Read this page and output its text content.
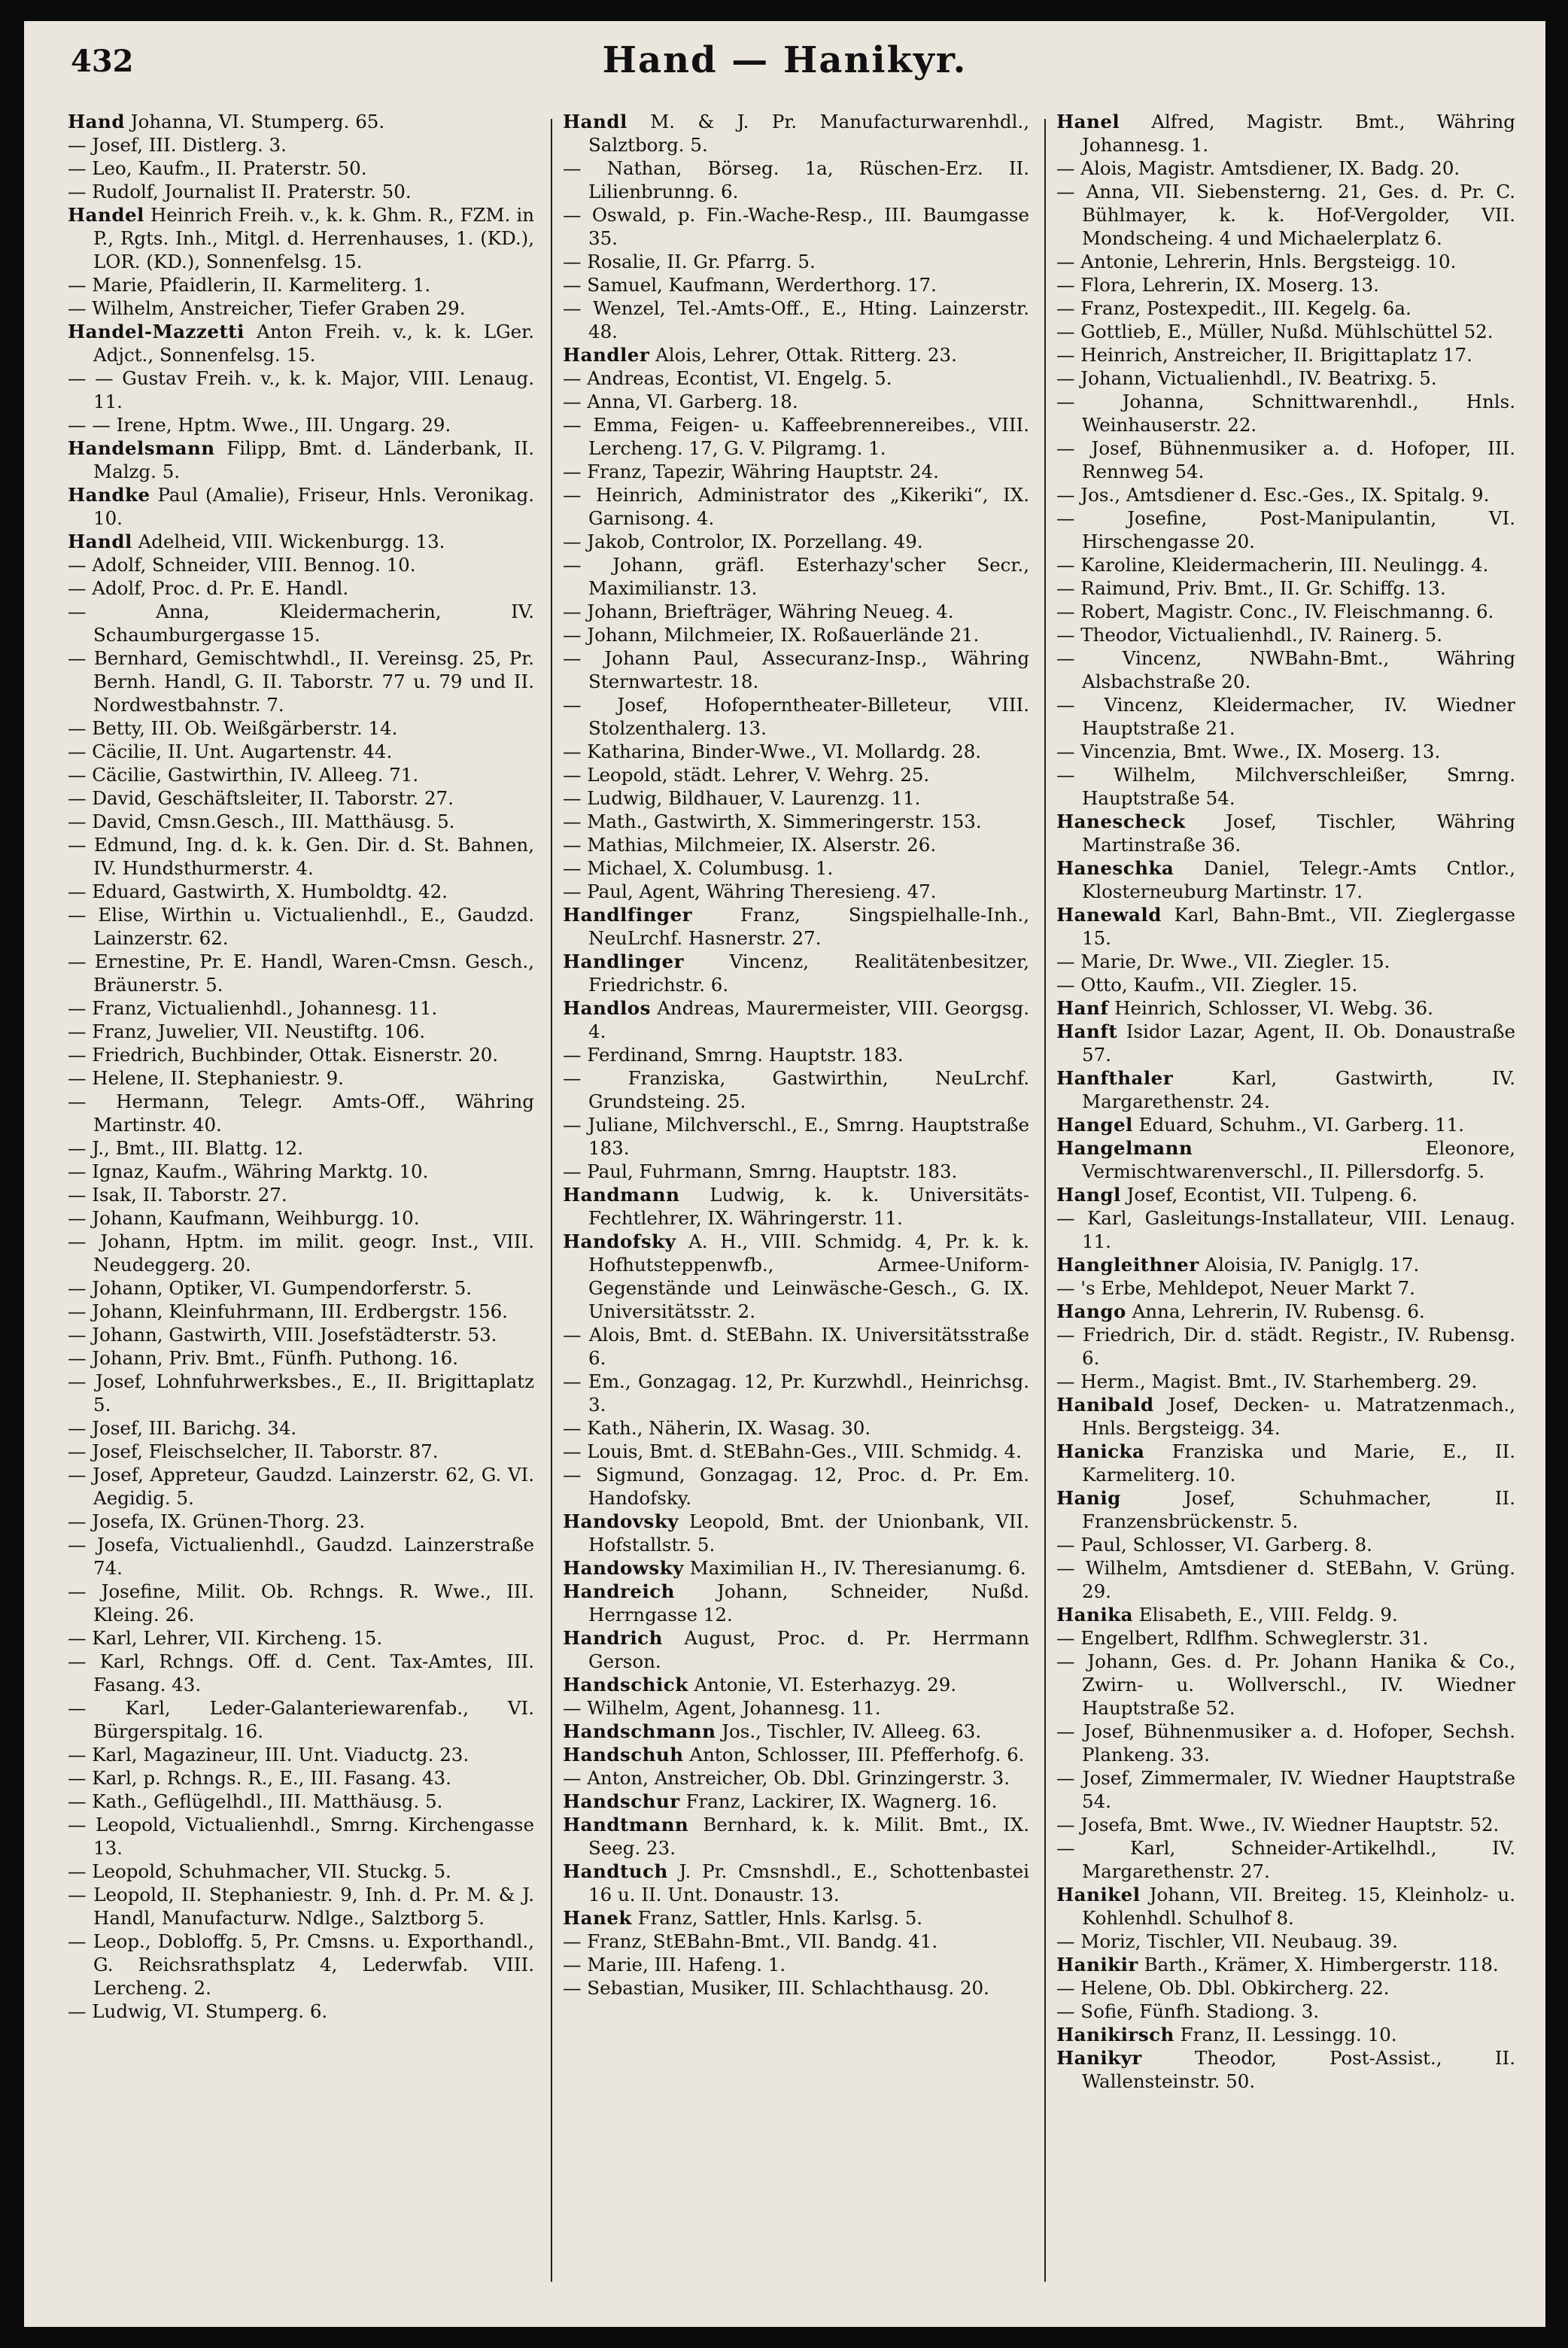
432	Hand — Hanikyr.

Hand Johanna, VI. Stumperg. 65.

— Josef, III. Distlerg. 3.

— Leo, Kaufm., II. Praterstr. 50.

— Rudolf, Journalist II. Praterstr. 50.

Handel Heinrich Freih. v., k. k. Ghm. R., FZM. in P., Rgts. Inh., Mitgl. d. Herrenhauses, 1. (KD.), LOR. (KD.), Sonnenfelsg. 15.

— Marie, Pfaidlerin, II. Karmeliterg. 1.

— Wilhelm, Anstreicher, Tiefer Graben 29.

Handel-Mazzetti Anton Freih. v., k. k. LGer. Adjct., Sonnenfelsg. 15.

— — Gustav Freih. v., k. k. Major, VIII. Lenaug. 11.

— — Irene, Hptm. Wwe., III. Ungarg. 29.

Handelsmann Filipp, Bmt. d. Länderbank, II. Malzg. 5.

Handke Paul (Amalie), Friseur, Hnls. Veronikag. 10.

Handl Adelheid, VIII. Wickenburgg. 13.

— Adolf, Schneider, VIII. Bennog. 10.

— Adolf, Proc. d. Pr. E. Handl.

— Anna, Kleidermacherin, IV. Schaumburgergasse 15.

— Bernhard, Gemischtwhdl., II. Vereinsg. 25, Pr. Bernh. Handl, G. II. Taborstr. 77 u. 79 und II. Nordwestbahnstr. 7.

— Betty, III. Ob. Weißgärberstr. 14.

— Cäcilie, II. Unt. Augartenstr. 44.

— Cäcilie, Gastwirthin, IV. Alleeg. 71.

— David, Geschäftsleiter, II. Taborstr. 27.

— David, Cmsn.Gesch., III. Matthäusg. 5.

— Edmund, Ing. d. k. k. Gen. Dir. d. St. Bahnen, IV. Hundsthurmerstr. 4.

— Eduard, Gastwirth, X. Humboldtg. 42.

— Elise, Wirthin u. Victualienhdl., E., Gaudzd. Lainzerstr. 62.

— Ernestine, Pr. E. Handl, Waren-Cmsn. Gesch., Bräunerstr. 5.

— Franz, Victualienhdl., Johannesg. 11.

— Franz, Juwelier, VII. Neustiftg. 106.

— Friedrich, Buchbinder, Ottak. Eisnerstr. 20.

— Helene, II. Stephaniestr. 9.

— Hermann, Telegr. Amts-Off., Währing Martinstr. 40.

— J., Bmt., III. Blattg. 12.

— Ignaz, Kaufm., Währing Marktg. 10.

— Isak, II. Taborstr. 27.

— Johann, Kaufmann, Weihburgg. 10.

— Johann, Hptm. im milit. geogr. Inst., VIII. Neudeggerg. 20.

— Johann, Optiker, VI. Gumpendorferstr. 5.

— Johann, Kleinfuhrmann, III. Erdbergstr. 156.

— Johann, Gastwirth, VIII. Josefstädterstr. 53.

— Johann, Priv. Bmt., Fünfh. Puthong. 16.

— Josef, Lohnfuhrwerksbes., E., II. Brigittaplatz 5.

— Josef, III. Barichg. 34.

— Josef, Fleischselcher, II. Taborstr. 87.

— Josef, Appreteur, Gaudzd. Lainzerstr. 62, G. VI. Aegidig. 5.

— Josefa, IX. Grünen-Thorg. 23.

— Josefa, Victualienhdl., Gaudzd. Lainzerstraße 74.

— Josefine, Milit. Ob. Rchngs. R. Wwe., III. Kleing. 26.

— Karl, Lehrer, VII. Kircheng. 15.

— Karl, Rchngs. Off. d. Cent. Tax-Amtes, III. Fasang. 43.

— Karl, Leder-Galanteriewarenfab., VI. Bürgerspitalg. 16.

— Karl, Magazineur, III. Unt. Viaductg. 23.

— Karl, p. Rchngs. R., E., III. Fasang. 43.

— Kath., Geflügelhdl., III. Matthäusg. 5.

— Leopold, Victualienhdl., Smrng. Kirchengasse 13.

— Leopold, Schuhmacher, VII. Stuckg. 5.

— Leopold, II. Stephaniestr. 9, Inh. d. Pr. M. & J. Handl, Manufacturw. Ndlge., Salztborg 5.

— Leop., Dobloffg. 5, Pr. Cmsns. u. Exporthandl., G. Reichsrathsplatz 4, Lederwfab. VIII. Lercheng. 2.

— Ludwig, VI. Stumperg. 6.

Handl M. & J. Pr. Manufacturwarenhdl., Salztborg. 5.

— Nathan, Börseg. 1a, Rüschen-Erz. II. Lilienbrunng. 6.

— Oswald, p. Fin.-Wache-Resp., III. Baumgasse 35.

— Rosalie, II. Gr. Pfarrg. 5.

— Samuel, Kaufmann, Werderthorg. 17.

— Wenzel, Tel.-Amts-Off., E., Hting. Lainzerstr. 48.

Handler Alois, Lehrer, Ottak. Ritterg. 23.

— Andreas, Econtist, VI. Engelg. 5.

— Anna, VI. Garberg. 18.

— Emma, Feigen- u. Kaffeebrennereibes., VIII. Lercheng. 17, G. V. Pilgramg. 1.

— Franz, Tapezir, Währing Hauptstr. 24.

— Heinrich, Administrator des „Kikeriki“, IX. Garnisong. 4.

— Jakob, Controlor, IX. Porzellang. 49.

— Johann, gräfl. Esterhazy'scher Secr., Maximilianstr. 13.

— Johann, Briefträger, Währing Neueg. 4.

— Johann, Milchmeier, IX. Roßauerlände 21.

— Johann Paul, Assecuranz-Insp., Währing Sternwartestr. 18.

— Josef, Hofoperntheater-Billeteur, VIII. Stolzenthalerg. 13.

— Katharina, Binder-Wwe., VI. Mollardg. 28.

— Leopold, städt. Lehrer, V. Wehrg. 25.

— Ludwig, Bildhauer, V. Laurenzg. 11.

— Math., Gastwirth, X. Simmeringerstr. 153.

— Mathias, Milchmeier, IX. Alserstr. 26.

— Michael, X. Columbusg. 1.

— Paul, Agent, Währing Theresieng. 47.

Handlfinger Franz, Singspielhalle-Inh., NeuLrchf. Hasnerstr. 27.

Handlinger Vincenz, Realitätenbesitzer, Friedrichstr. 6.

Handlos Andreas, Maurermeister, VIII. Georgsg. 4.

— Ferdinand, Smrng. Hauptstr. 183.

— Franziska, Gastwirthin, NeuLrchf. Grundsteing. 25.

— Juliane, Milchverschl., E., Smrng. Hauptstraße 183.

— Paul, Fuhrmann, Smrng. Hauptstr. 183.

Handmann Ludwig, k. k. Universitäts-Fechtlehrer, IX. Währingerstr. 11.

Handofsky A. H., VIII. Schmidg. 4, Pr. k. k. Hofhutsteppenwfb., Armee-Uniform-Gegenstände und Leinwäsche-Gesch., G. IX. Universitätsstr. 2.

— Alois, Bmt. d. StEBahn. IX. Universitätsstraße 6.

— Em., Gonzagag. 12, Pr. Kurzwhdl., Heinrichsg. 3.

— Kath., Näherin, IX. Wasag. 30.

— Louis, Bmt. d. StEBahn-Ges., VIII. Schmidg. 4.

— Sigmund, Gonzagag. 12, Proc. d. Pr. Em. Handofsky.

Handovsky Leopold, Bmt. der Unionbank, VII. Hofstallstr. 5.

Handowsky Maximilian H., IV. Theresianumg. 6.

Handreich Johann, Schneider, Nußd. Herrngasse 12.

Handrich August, Proc. d. Pr. Herrmann Gerson.

Handschick Antonie, VI. Esterhazyg. 29.

— Wilhelm, Agent, Johannesg. 11.

Handschmann Jos., Tischler, IV. Alleeg. 63.

Handschuh Anton, Schlosser, III. Pfefferhofg. 6.

— Anton, Anstreicher, Ob. Dbl. Grinzingerstr. 3.

Handschur Franz, Lackirer, IX. Wagnerg. 16.

Handtmann Bernhard, k. k. Milit. Bmt., IX. Seeg. 23.

Handtuch J. Pr. Cmsnshdl., E., Schottenbastei 16 u. II. Unt. Donaustr. 13.

Hanek Franz, Sattler, Hnls. Karlsg. 5.

— Franz, StEBahn-Bmt., VII. Bandg. 41.

— Marie, III. Hafeng. 1.

— Sebastian, Musiker, III. Schlachthausg. 20.

Hanel Alfred, Magistr. Bmt., Währing Johannesg. 1.

— Alois, Magistr. Amtsdiener, IX. Badg. 20.

— Anna, VII. Siebensterng. 21, Ges. d. Pr. C. Bühlmayer, k. k. Hof-Vergolder, VII. Mondscheing. 4 und Michaelerplatz 6.

— Antonie, Lehrerin, Hnls. Bergsteigg. 10.

— Flora, Lehrerin, IX. Moserg. 13.

— Franz, Postexpedit., III. Kegelg. 6a.

— Gottlieb, E., Müller, Nußd. Mühlschüttel 52.

— Heinrich, Anstreicher, II. Brigittaplatz 17.

— Johann, Victualienhdl., IV. Beatrixg. 5.

— Johanna, Schnittwarenhdl., Hnls. Weinhauserstr. 22.

— Josef, Bühnenmusiker a. d. Hofoper, III. Rennweg 54.

— Jos., Amtsdiener d. Esc.-Ges., IX. Spitalg. 9.

— Josefine, Post-Manipulantin, VI. Hirschengasse 20.

— Karoline, Kleidermacherin, III. Neulingg. 4.

— Raimund, Priv. Bmt., II. Gr. Schiffg. 13.

— Robert, Magistr. Conc., IV. Fleischmanng. 6.

— Theodor, Victualienhdl., IV. Rainerg. 5.

— Vincenz, NWBahn-Bmt., Währing Alsbachstraße 20.

— Vincenz, Kleidermacher, IV. Wiedner Hauptstraße 21.

— Vincenzia, Bmt. Wwe., IX. Moserg. 13.

— Wilhelm, Milchverschleißer, Smrng. Hauptstraße 54.

Hanescheck Josef, Tischler, Währing Martinstraße 36.

Haneschka Daniel, Telegr.-Amts Cntlor., Klosterneuburg Martinstr. 17.

Hanewald Karl, Bahn-Bmt., VII. Zieglergasse 15.

— Marie, Dr. Wwe., VII. Ziegler. 15.

— Otto, Kaufm., VII. Ziegler. 15.

Hanf Heinrich, Schlosser, VI. Webg. 36.

Hanft Isidor Lazar, Agent, II. Ob. Donaustraße 57.

Hanfthaler Karl, Gastwirth, IV. Margarethenstr. 24.

Hangel Eduard, Schuhm., VI. Garberg. 11.

Hangelmann Eleonore, Vermischtwarenverschl., II. Pillersdorfg. 5.

Hangl Josef, Econtist, VII. Tulpeng. 6.

— Karl, Gasleitungs-Installateur, VIII. Lenaug. 11.

Hangleithner Aloisia, IV. Paniglg. 17.

— 's Erbe, Mehldepot, Neuer Markt 7.

Hango Anna, Lehrerin, IV. Rubensg. 6.

— Friedrich, Dir. d. städt. Registr., IV. Rubensg. 6.

— Herm., Magist. Bmt., IV. Starhemberg. 29.

Hanibald Josef, Decken- u. Matratzenmach., Hnls. Bergsteigg. 34.

Hanicka Franziska und Marie, E., II. Karmeliterg. 10.

Hanig Josef, Schuhmacher, II. Franzensbrückenstr. 5.

— Paul, Schlosser, VI. Garberg. 8.

— Wilhelm, Amtsdiener d. StEBahn, V. Grüng. 29.

Hanika Elisabeth, E., VIII. Feldg. 9.

— Engelbert, Rdlfhm. Schweglerstr. 31.

— Johann, Ges. d. Pr. Johann Hanika & Co., Zwirn- u. Wollverschl., IV. Wiedner Hauptstraße 52.

— Josef, Bühnenmusiker a. d. Hofoper, Sechsh. Plankeng. 33.

— Josef, Zimmermaler, IV. Wiedner Hauptstraße 54.

— Josefa, Bmt. Wwe., IV. Wiedner Hauptstr. 52.

— Karl, Schneider-Artikelhdl., IV. Margarethenstr. 27.

Hanikel Johann, VII. Breiteg. 15, Kleinholz- u. Kohlenhdl. Schulhof 8.

— Moriz, Tischler, VII. Neubaug. 39.

Hanikir Barth., Krämer, X. Himbergerstr. 118.

— Helene, Ob. Dbl. Obkircherg. 22.

— Sofie, Fünfh. Stadiong. 3.

Hanikirsch Franz, II. Lessingg. 10.

Hanikyr Theodor, Post-Assist., II. Wallensteinstr. 50.
